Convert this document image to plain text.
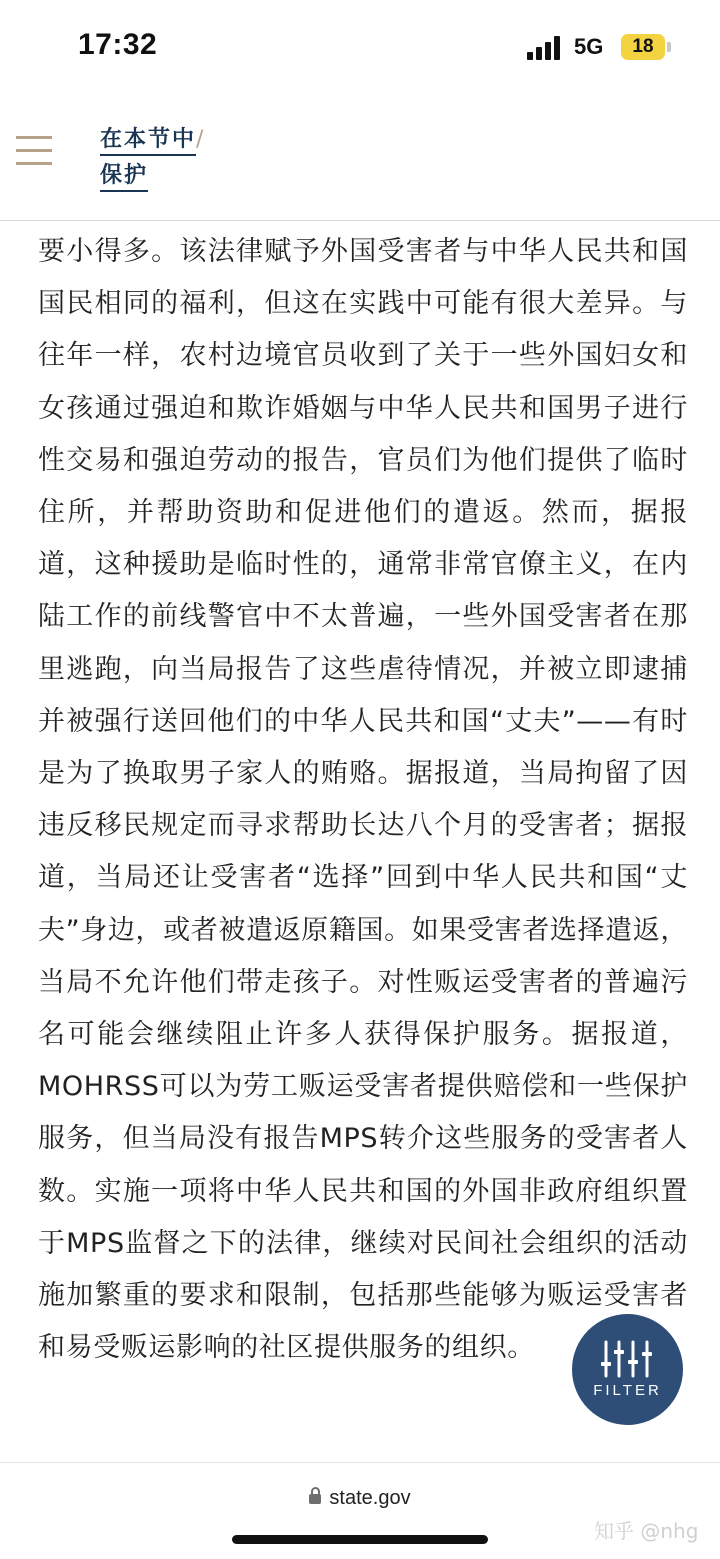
17:32	5G	18
在本节中/
保护

要小得多。该法律赋予外国受害者与中华人民共和国国民相同的福利，但这在实践中可能有很大差异。与往年一样，农村边境官员收到了关于一些外国妇女和女孩通过强迫和欺诈婚姻与中华人民共和国男子进行性交易和强迫劳动的报告，官员们为他们提供了临时住所，并帮助资助和促进他们的遣返。然而，据报道，这种援助是临时性的，通常非常官僚主义，在内陆工作的前线警官中不太普遍，一些外国受害者在那里逃跑，向当局报告了这些虐待情况，并被立即逮捕并被强行送回他们的中华人民共和国“丈夫”——有时是为了换取男子家人的贿赂。据报道，当局拘留了因违反移民规定而寻求帮助长达八个月的受害者；据报道，当局还让受害者“选择”回到中华人民共和国“丈夫”身边，或者被遣返原籍国。如果受害者选择遣返，当局不允许他们带走孩子。对性贩运受害者的普遍污名可能会继续阻止许多人获得保护服务。据报道，MOHRSS可以为劳工贩运受害者提供赔偿和一些保护服务，但当局没有报告MPS转介这些服务的受害者人数。实施一项将中华人民共和国的外国非政府组织置于MPS监督之下的法律，继续对民间社会组织的活动施加繁重的要求和限制，包括那些能够为贩运受害者和易受贩运影响的社区提供服务的组织。

FILTER
state.gov
知乎 @nhg
